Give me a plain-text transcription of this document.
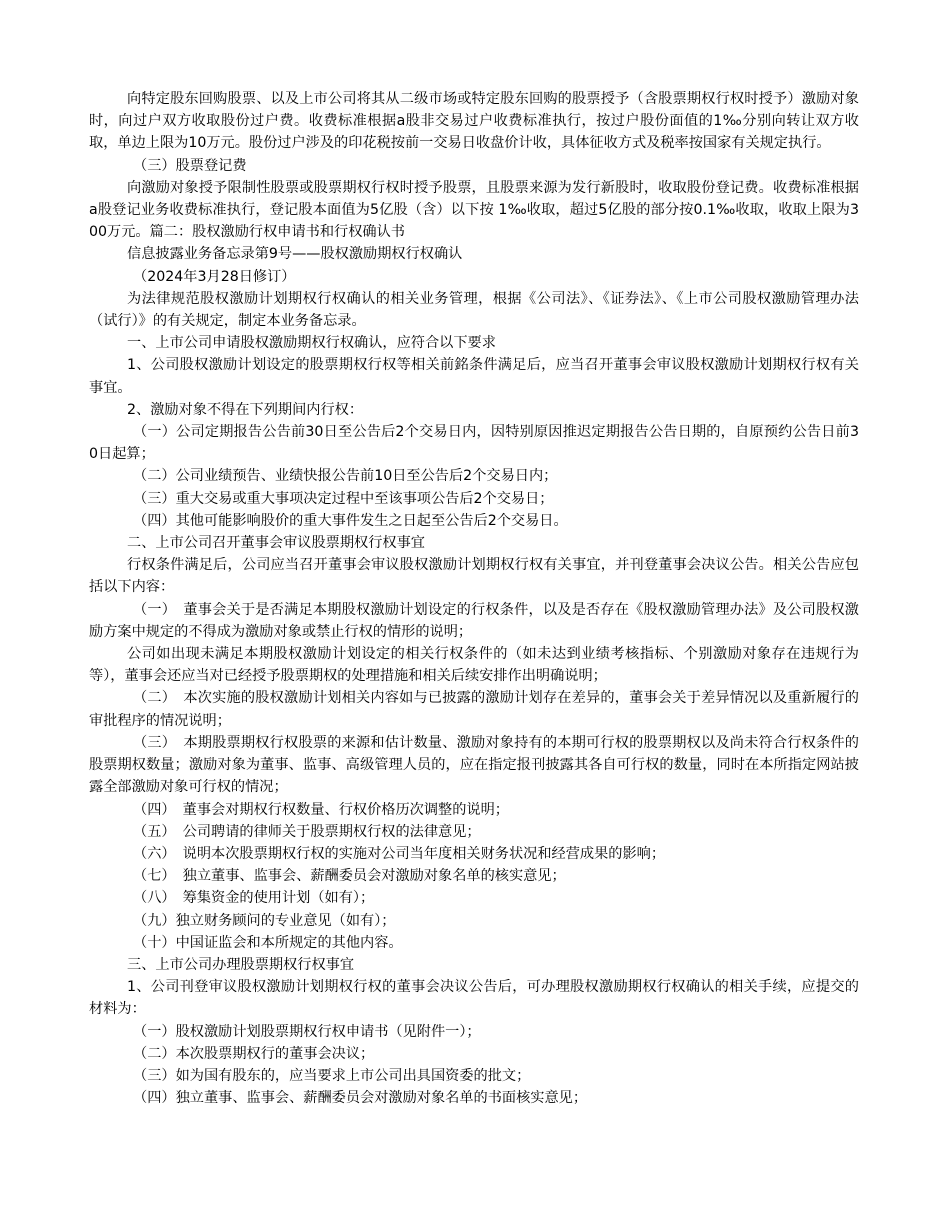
向特定股东回购股票、以及上市公司将其从二级市场或特定股东回购的股票授予（含股票期权行权时授予）激励对象时，向过户双方收取股份过户费。收费标准根据a股非交易过户收费标准执行，按过户股份面值的1‰分别向转让双方收取，单边上限为10万元。股份过户涉及的印花税按前一交易日收盘价计收，具体征收方式及税率按国家有关规定执行。

（三）股票登记费

向激励对象授予限制性股票或股票期权行权时授予股票，且股票来源为发行新股时，收取股份登记费。收费标准根据a股登记业务收费标准执行，登记股本面值为5亿股（含）以下按 1‰收取，超过5亿股的部分按0.1‰收取，收取上限为300万元。篇二：股权激励行权申请书和行权确认书

信息披露业务备忘录第9号——股权激励期权行权确认

（2024年3月28日修订）

为法律规范股权激励计划期权行权确认的相关业务管理，根据《公司法》、《证券法》、《上市公司股权激励管理办法（试行）》的有关规定，制定本业务备忘录。

一、上市公司申请股权激励期权行权确认，应符合以下要求

1、公司股权激励计划设定的股票期权行权等相关前銘条件满足后，应当召开董事会审议股权激励计划期权行权有关事宜。

2、激励对象不得在下列期间内行权：

（一）公司定期报告公告前30日至公告后2个交易日内，因特别原因推迟定期报告公告日期的，自原预约公告日前30日起算；

（二）公司业绩预告、业绩快报公告前10日至公告后2个交易日内；

（三）重大交易或重大事项决定过程中至该事项公告后2个交易日；

（四）其他可能影响股价的重大事件发生之日起至公告后2个交易日。

二、上市公司召开董事会审议股票期权行权事宜

行权条件满足后，公司应当召开董事会审议股权激励计划期权行权有关事宜，并刊登董事会决议公告。相关公告应包括以下内容：

（一）　董事会关于是否满足本期股权激励计划设定的行权条件，以及是否存在《股权激励管理办法》及公司股权激励方案中规定的不得成为激励对象或禁止行权的情形的说明；

公司如出现未满足本期股权激励计划设定的相关行权条件的（如未达到业绩考核指标、个别激励对象存在违规行为等），董事会还应当对已经授予股票期权的处理措施和相关后续安排作出明确说明；

（二）　本次实施的股权激励计划相关内容如与已披露的激励计划存在差异的，董事会关于差异情况以及重新履行的审批程序的情况说明；

（三）　本期股票期权行权股票的来源和估计数量、激励对象持有的本期可行权的股票期权以及尚未符合行权条件的股票期权数量；激励对象为董事、监事、高级管理人员的，应在指定报刊披露其各自可行权的数量，同时在本所指定网站披露全部激励对象可行权的情况；

（四）　董事会对期权行权数量、行权价格历次调整的说明；

（五）　公司聘请的律师关于股票期权行权的法律意见；

（六）　说明本次股票期权行权的实施对公司当年度相关财务状况和经营成果的影响；

（七）　独立董事、监事会、薪酬委员会对激励对象名单的核实意见；

（八）　筹集资金的使用计划（如有）；

（九）独立财务顾问的专业意见（如有）；

（十）中国证监会和本所规定的其他内容。

三、上市公司办理股票期权行权事宜

1、公司刊登审议股权激励计划期权行权的董事会决议公告后，可办理股权激励期权行权确认的相关手续，应提交的材料为：

（一）股权激励计划股票期权行权申请书（见附件一）；

（二）本次股票期权行的董事会决议；

（三）如为国有股东的，应当要求上市公司出具国资委的批文；

（四）独立董事、监事会、薪酬委员会对激励对象名单的书面核实意见；
